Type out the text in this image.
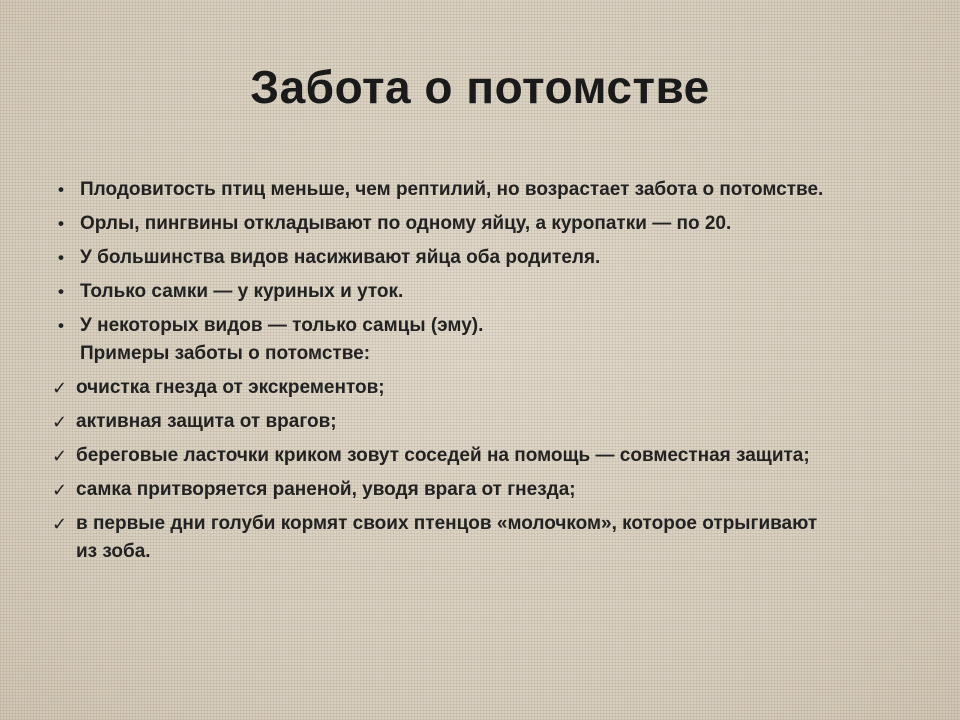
Забота о потомстве
• Плодовитость птиц меньше, чем рептилий, но возрастает забота о потомстве.
• Орлы, пингвины откладывают по одному яйцу, а куропатки — по 20.
• У большинства видов насиживают яйца оба родителя.
• Только самки — у куриных и уток.
• У некоторых видов — только самцы (эму).
Примеры заботы о потомстве:
✓ очистка гнезда от экскрементов;
✓ активная защита от врагов;
✓ береговые ласточки криком зовут соседей на помощь — совместная защита;
✓ самка притворяется раненой, уводя врага от гнезда;
✓ в первые дни голуби кормят своих птенцов «молочком», которое отрыгивают из зоба.
